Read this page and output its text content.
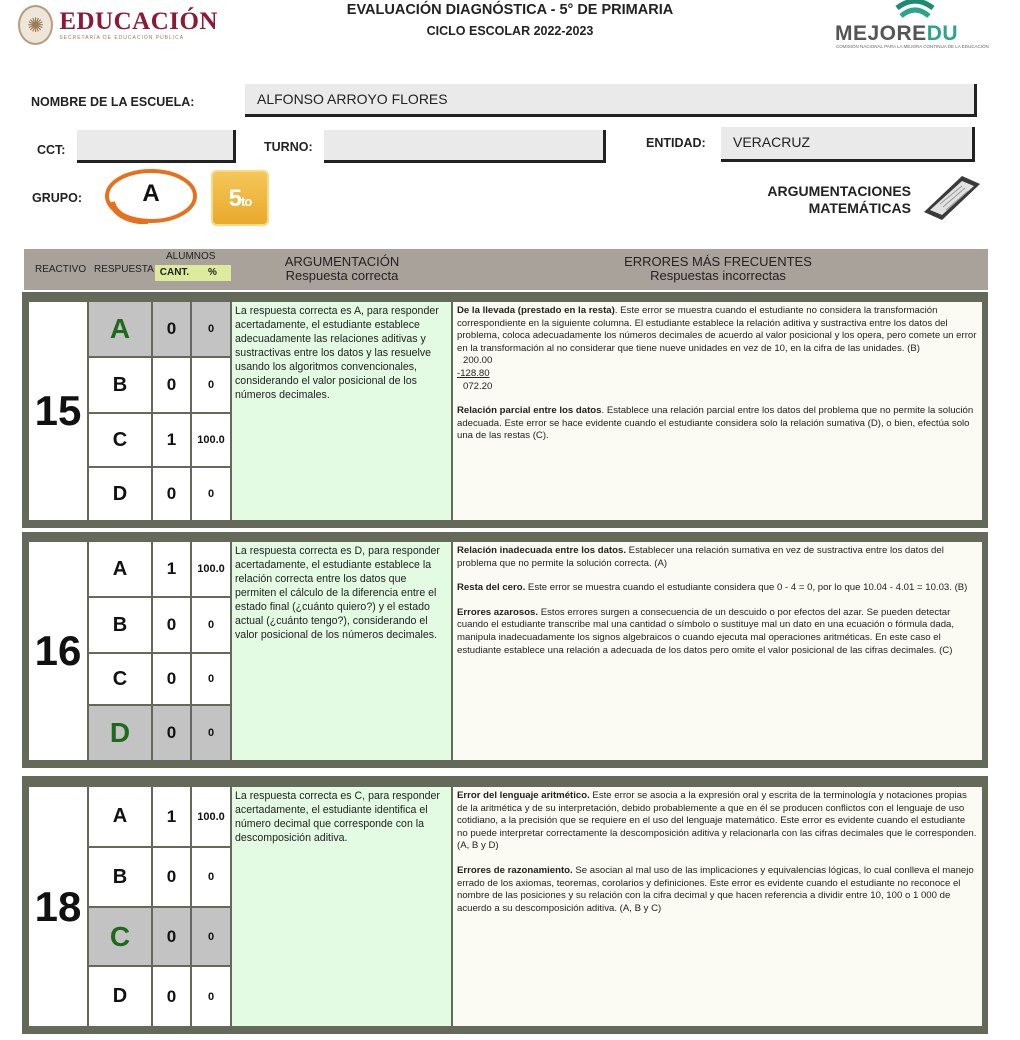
✺ EDUCACIÓN
SECRETARÍA DE EDUCACIÓN PÚBLICA
EVALUACIÓN DIAGNÓSTICA - 5° DE PRIMARIA
CICLO ESCOLAR 2022-2023	MEJOREDU
COMISIÓN NACIONAL PARA LA MEJORA CONTINUA DE LA EDUCACIÓN
NOMBRE DE LA ESCUELA:	ALFONSO ARROYO FLORES
CCT:	TURNO:	ENTIDAD:	VERACRUZ
GRUPO:	A	5to
ARGUMENTACIONES
MATEMÁTICAS
REACTIVO RESPUESTA
ALUMNOS
CANT.	%
ARGUMENTACIÓN
Respuesta correcta
ERRORES MÁS FRECUENTES
Respuestas incorrectas
15
A 0	0
B 0	0
C 1 100.0
D 0	0
La respuesta correcta es A, para responder acertadamente, el estudiante establece adecuadamente las relaciones aditivas y sustractivas entre los datos y las resuelve usando los algoritmos convencionales, considerando el valor posicional de los números decimales.

De la llevada (prestado en la resta). Este error se muestra cuando el estudiante no considera la transformación correspondiente en la siguiente columna. El estudiante establece la relación aditiva y sustractiva entre los datos del problema, coloca adecuadamente los números decimales de acuerdo al valor posicional y los opera, pero comete un error en la transformación al no considerar que tiene nueve unidades en vez de 10, en la cifra de las unidades. (B)

200.00
-128.80
072.20

Relación parcial entre los datos. Establece una relación parcial entre los datos del problema que no permite la solución adecuada. Este error se hace evidente cuando el estudiante considera solo la relación sumativa (D), o bien, efectúa solo una de las restas (C).

16
A 1 100.0
B 0	0
C 0	0
D 0	0
La respuesta correcta es D, para responder acertadamente, el estudiante establece la relación correcta entre los datos que permiten el cálculo de la diferencia entre el estado final (¿cuánto quiero?) y el estado actual (¿cuánto tengo?), considerando el valor posicional de los números decimales.

Relación inadecuada entre los datos. Establecer una relación sumativa en vez de sustractiva entre los datos del problema que no permite la solución correcta. (A)

Resta del cero. Este error se muestra cuando el estudiante considera que 0 - 4 = 0, por lo que 10.04 - 4.01 = 10.03. (B)

Errores azarosos. Estos errores surgen a consecuencia de un descuido o por efectos del azar. Se pueden detectar cuando el estudiante transcribe mal una cantidad o símbolo o sustituye mal un dato en una ecuación o fórmula dada, manipula inadecuadamente los signos algebraicos o cuando ejecuta mal operaciones aritméticas. En este caso el estudiante establece una relación a adecuada de los datos pero omite el valor posicional de las cifras decimales. (C)

18
A 1 100.0
B 0	0
C 0	0
D 0	0
La respuesta correcta es C, para responder acertadamente, el estudiante identifica el número decimal que corresponde con la descomposición aditiva.

Error del lenguaje aritmético. Este error se asocia a la expresión oral y escrita de la terminología y notaciones propias de la aritmética y de su interpretación, debido probablemente a que en él se producen conflictos con el lenguaje de uso cotidiano, a la precisión que se requiere en el uso del lenguaje matemático. Este error es evidente cuando el estudiante no puede interpretar correctamente la descomposición aditiva y relacionarla con las cifras decimales que le corresponden. (A, B y D)

Errores de razonamiento. Se asocian al mal uso de las implicaciones y equivalencias lógicas, lo cual conlleva el manejo errado de los axiomas, teoremas, corolarios y definiciones. Este error es evidente cuando el estudiante no reconoce el nombre de las posiciones y su relación con la cifra decimal y que hacen referencia a dividir entre 10, 100 o 1 000 de acuerdo a su descomposición aditiva. (A, B y C)
